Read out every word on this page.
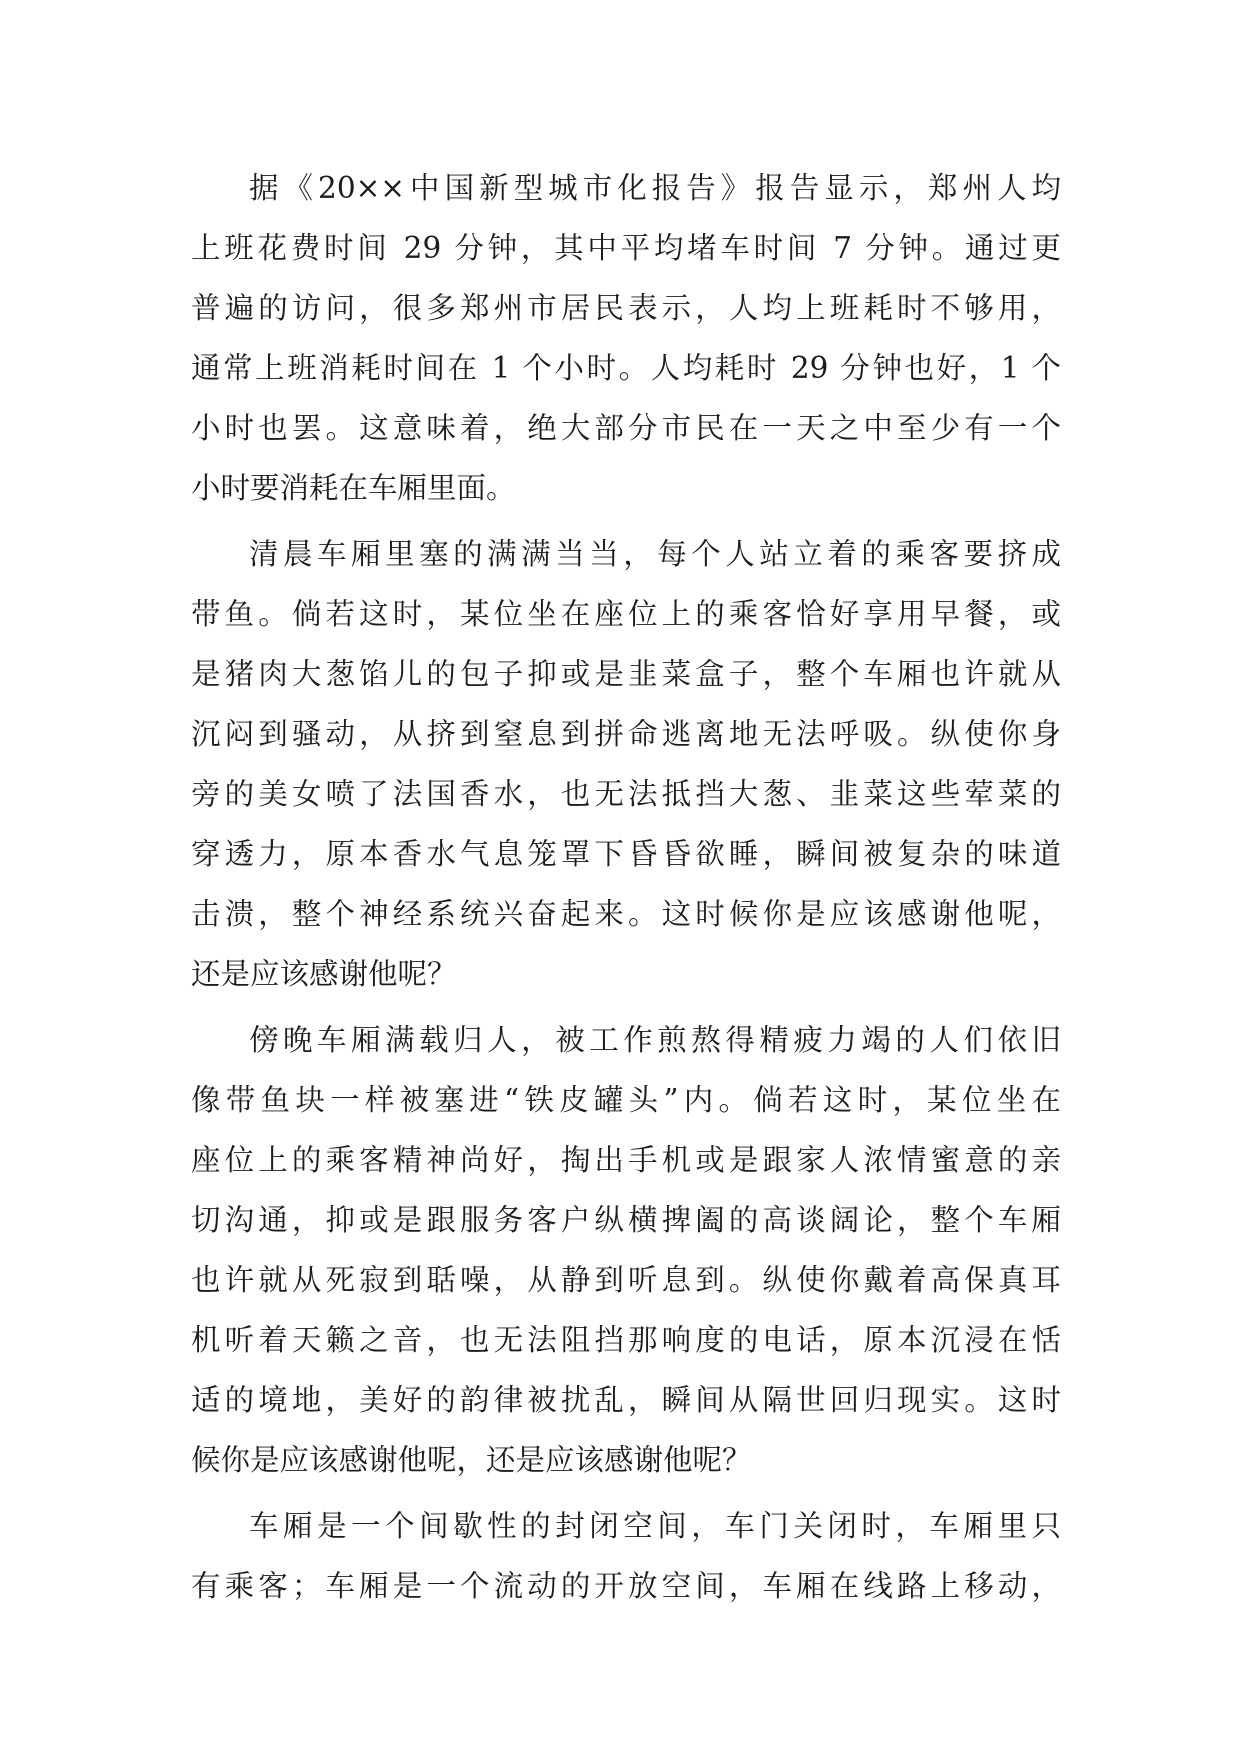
据《20××中国新型城市化报告》报告显示，郑州人均
上班花费时间 29 分钟，其中平均堵车时间 7 分钟。通过更
普遍的访问，很多郑州市居民表示，人均上班耗时不够用，
通常上班消耗时间在 1 个小时。人均耗时 29 分钟也好，1 个
小时也罢。这意味着，绝大部分市民在一天之中至少有一个
小时要消耗在车厢里面。
清晨车厢里塞的满满当当，每个人站立着的乘客要挤成
带鱼。倘若这时，某位坐在座位上的乘客恰好享用早餐，或
是猪肉大葱馅儿的包子抑或是韭菜盒子，整个车厢也许就从
沉闷到骚动，从挤到窒息到拼命逃离地无法呼吸。纵使你身
旁的美女喷了法国香水，也无法抵挡大葱、韭菜这些荤菜的
穿透力，原本香水气息笼罩下昏昏欲睡，瞬间被复杂的味道
击溃，整个神经系统兴奋起来。这时候你是应该感谢他呢，
还是应该感谢他呢？
傍晚车厢满载归人，被工作煎熬得精疲力竭的人们依旧
像带鱼块一样被塞进“铁皮罐头”内。倘若这时，某位坐在
座位上的乘客精神尚好，掏出手机或是跟家人浓情蜜意的亲
切沟通，抑或是跟服务客户纵横捭阖的高谈阔论，整个车厢
也许就从死寂到聒噪，从静到听息到。纵使你戴着高保真耳
机听着天籁之音，也无法阻挡那响度的电话，原本沉浸在恬
适的境地，美好的韵律被扰乱，瞬间从隔世回归现实。这时
候你是应该感谢他呢，还是应该感谢他呢？
车厢是一个间歇性的封闭空间，车门关闭时，车厢里只
有乘客；车厢是一个流动的开放空间，车厢在线路上移动，
